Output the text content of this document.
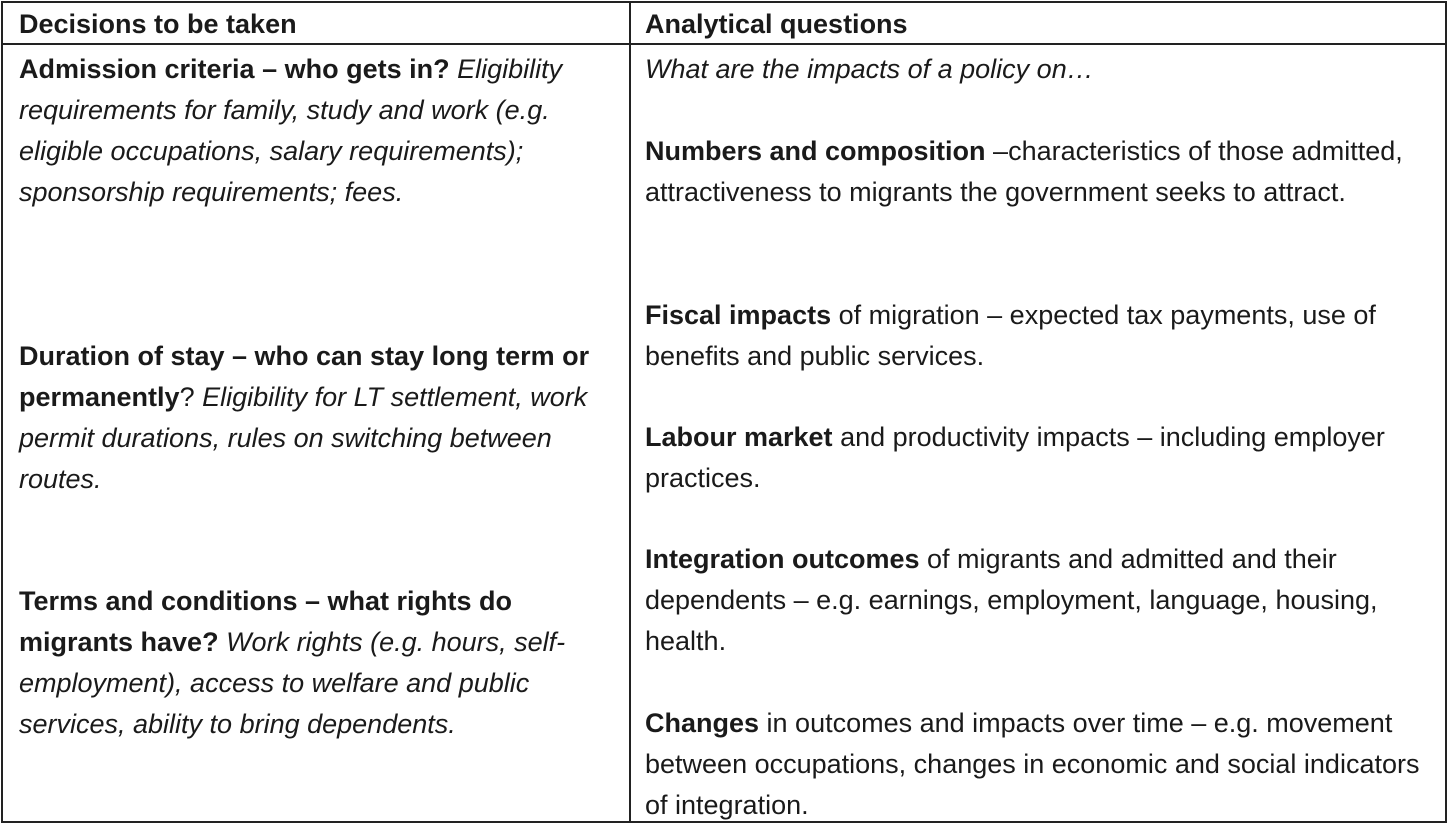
Decisions to be taken	Analytical questions
Admission criteria – who gets in? Eligibility requirements for family, study and work (e.g. eligible occupations, salary requirements); sponsorship requirements; fees.
Duration of stay – who can stay long term or permanently? Eligibility for LT settlement, work permit durations, rules on switching between routes.
Terms and conditions – what rights do migrants have? Work rights (e.g. hours, self-employment), access to welfare and public services, ability to bring dependents.
What are the impacts of a policy on…
Numbers and composition –characteristics of those admitted, attractiveness to migrants the government seeks to attract.
Fiscal impacts of migration – expected tax payments, use of benefits and public services.
Labour market and productivity impacts – including employer practices.
Integration outcomes of migrants and admitted and their dependents – e.g. earnings, employment, language, housing, health.
Changes in outcomes and impacts over time – e.g. movement between occupations, changes in economic and social indicators of integration.
